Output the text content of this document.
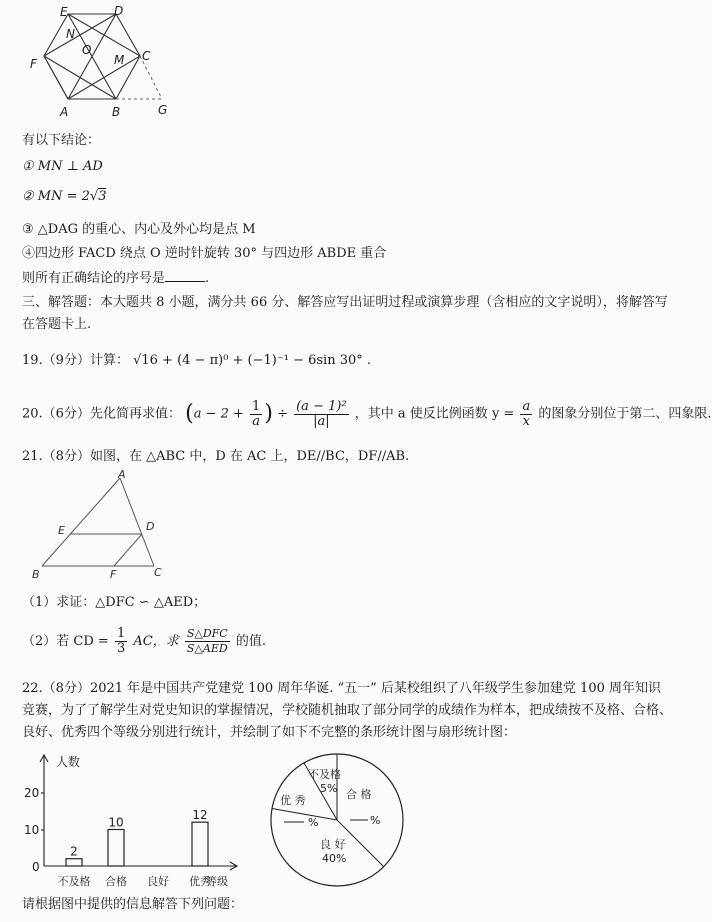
E	D
N
O
M C
F
A	B	G
有以下结论：
① MN ⊥ AD
② MN = 2√3
③ △DAG 的重心、内心及外心均是点 M
④四边形 FACD 绕点 O 逆时针旋转 30° 与四边形 ABDE 重合
则所有正确结论的序号是	.
三、解答题：本大题共 8 小题，满分共 66 分、解答应写出证明过程或演算步理（含相应的文字说明），将解答写在答题卡上.
19.（9分）计算： √16 + (4 − π)⁰ + (−1)⁻¹ − 6sin 30° .
20.（6分）先化简再求值： ($a - 2 + \frac{1}{a}$ ) ÷ $\frac{\text{(a − 1)²}}{|a|}$ ，其中 a 使反比例函数 $y = \frac{a}{x}$ 的图象分别位于第二、四象限.
21.（8分）如图，在 △ABC 中，D 在 AC 上，DE//BC，DF//AB.
A
E	D
B	F	C
（1）求证：△DFC ∽ △AED；
（2）若 CD = $\frac{1}{3}$ AC，求 $\frac{\text{S△DFC}}{\text{S△AED}}$ 的值.
22.（8分）2021 年是中国共产党建党 100 周年华诞. “五一” 后某校组织了八年级学生参加建党 100 周年知识竞赛，为了了解学生对党史知识的掌握情况，学校随机抽取了部分同学的成绩作为样本，把成绩按不及格、合格、良好、优秀四个等级分别进行统计，并绘制了如下不完整的条形统计图与扇形统计图：
人数
20
10
0
等级
2
不及格
10
合格 良好
12
优秀
不及格
5% 合 格
%
良 好
40%
优 秀
%
请根据图中提供的信息解答下列问题：
